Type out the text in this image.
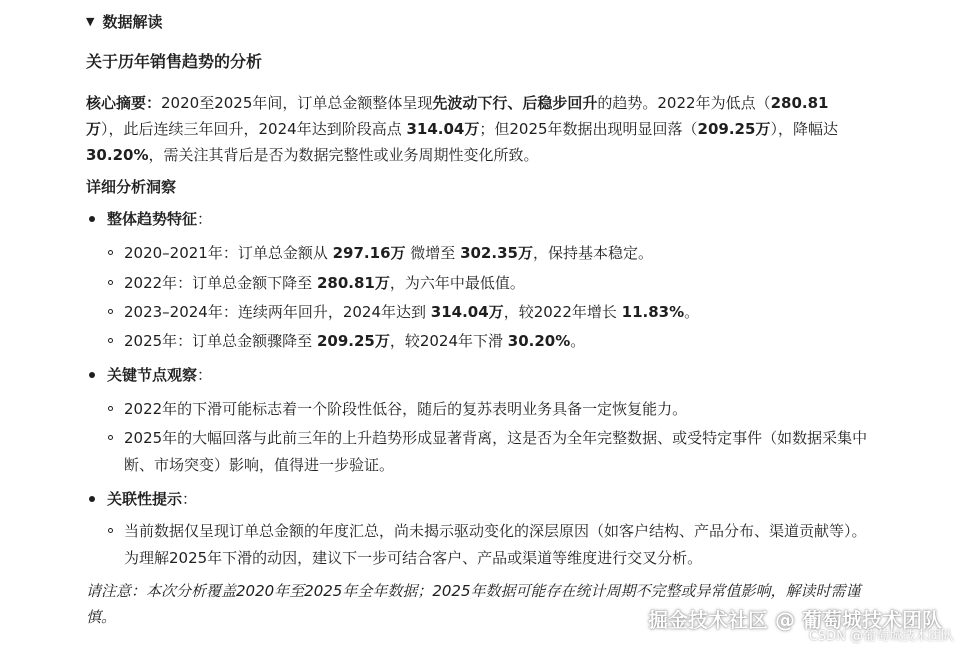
▼ 数据解读
关于历年销售趋势的分析
核心摘要：2020至2025年间，订单总金额整体呈现先波动下行、后稳步回升的趋势。2022年为低点（280.81
万），此后连续三年回升，2024年达到阶段高点 314.04万；但2025年数据出现明显回落（209.25万），降幅达
30.20%，需关注其背后是否为数据完整性或业务周期性变化所致。
详细分析洞察
整体趋势特征：
2020–2021年：订单总金额从 297.16万 微增至 302.35万，保持基本稳定。
2022年：订单总金额下降至 280.81万，为六年中最低值。
2023–2024年：连续两年回升，2024年达到 314.04万，较2022年增长 11.83%。
2025年：订单总金额骤降至 209.25万，较2024年下滑 30.20%。
关键节点观察：
2022年的下滑可能标志着一个阶段性低谷，随后的复苏表明业务具备一定恢复能力。
2025年的大幅回落与此前三年的上升趋势形成显著背离，这是否为全年完整数据、或受特定事件（如数据采集中断、市场突变）影响，值得进一步验证。
关联性提示：
当前数据仅呈现订单总金额的年度汇总，尚未揭示驱动变化的深层原因（如客户结构、产品分布、渠道贡献等）。为理解2025年下滑的动因，建议下一步可结合客户、产品或渠道等维度进行交叉分析。
请注意：本次分析覆盖2020年至2025年全年数据；2025年数据可能存在统计周期不完整或异常值影响，解读时需谨慎。	掘金技术社区 @ 葡萄城技术团队
CSDN @葡萄城技术团队
